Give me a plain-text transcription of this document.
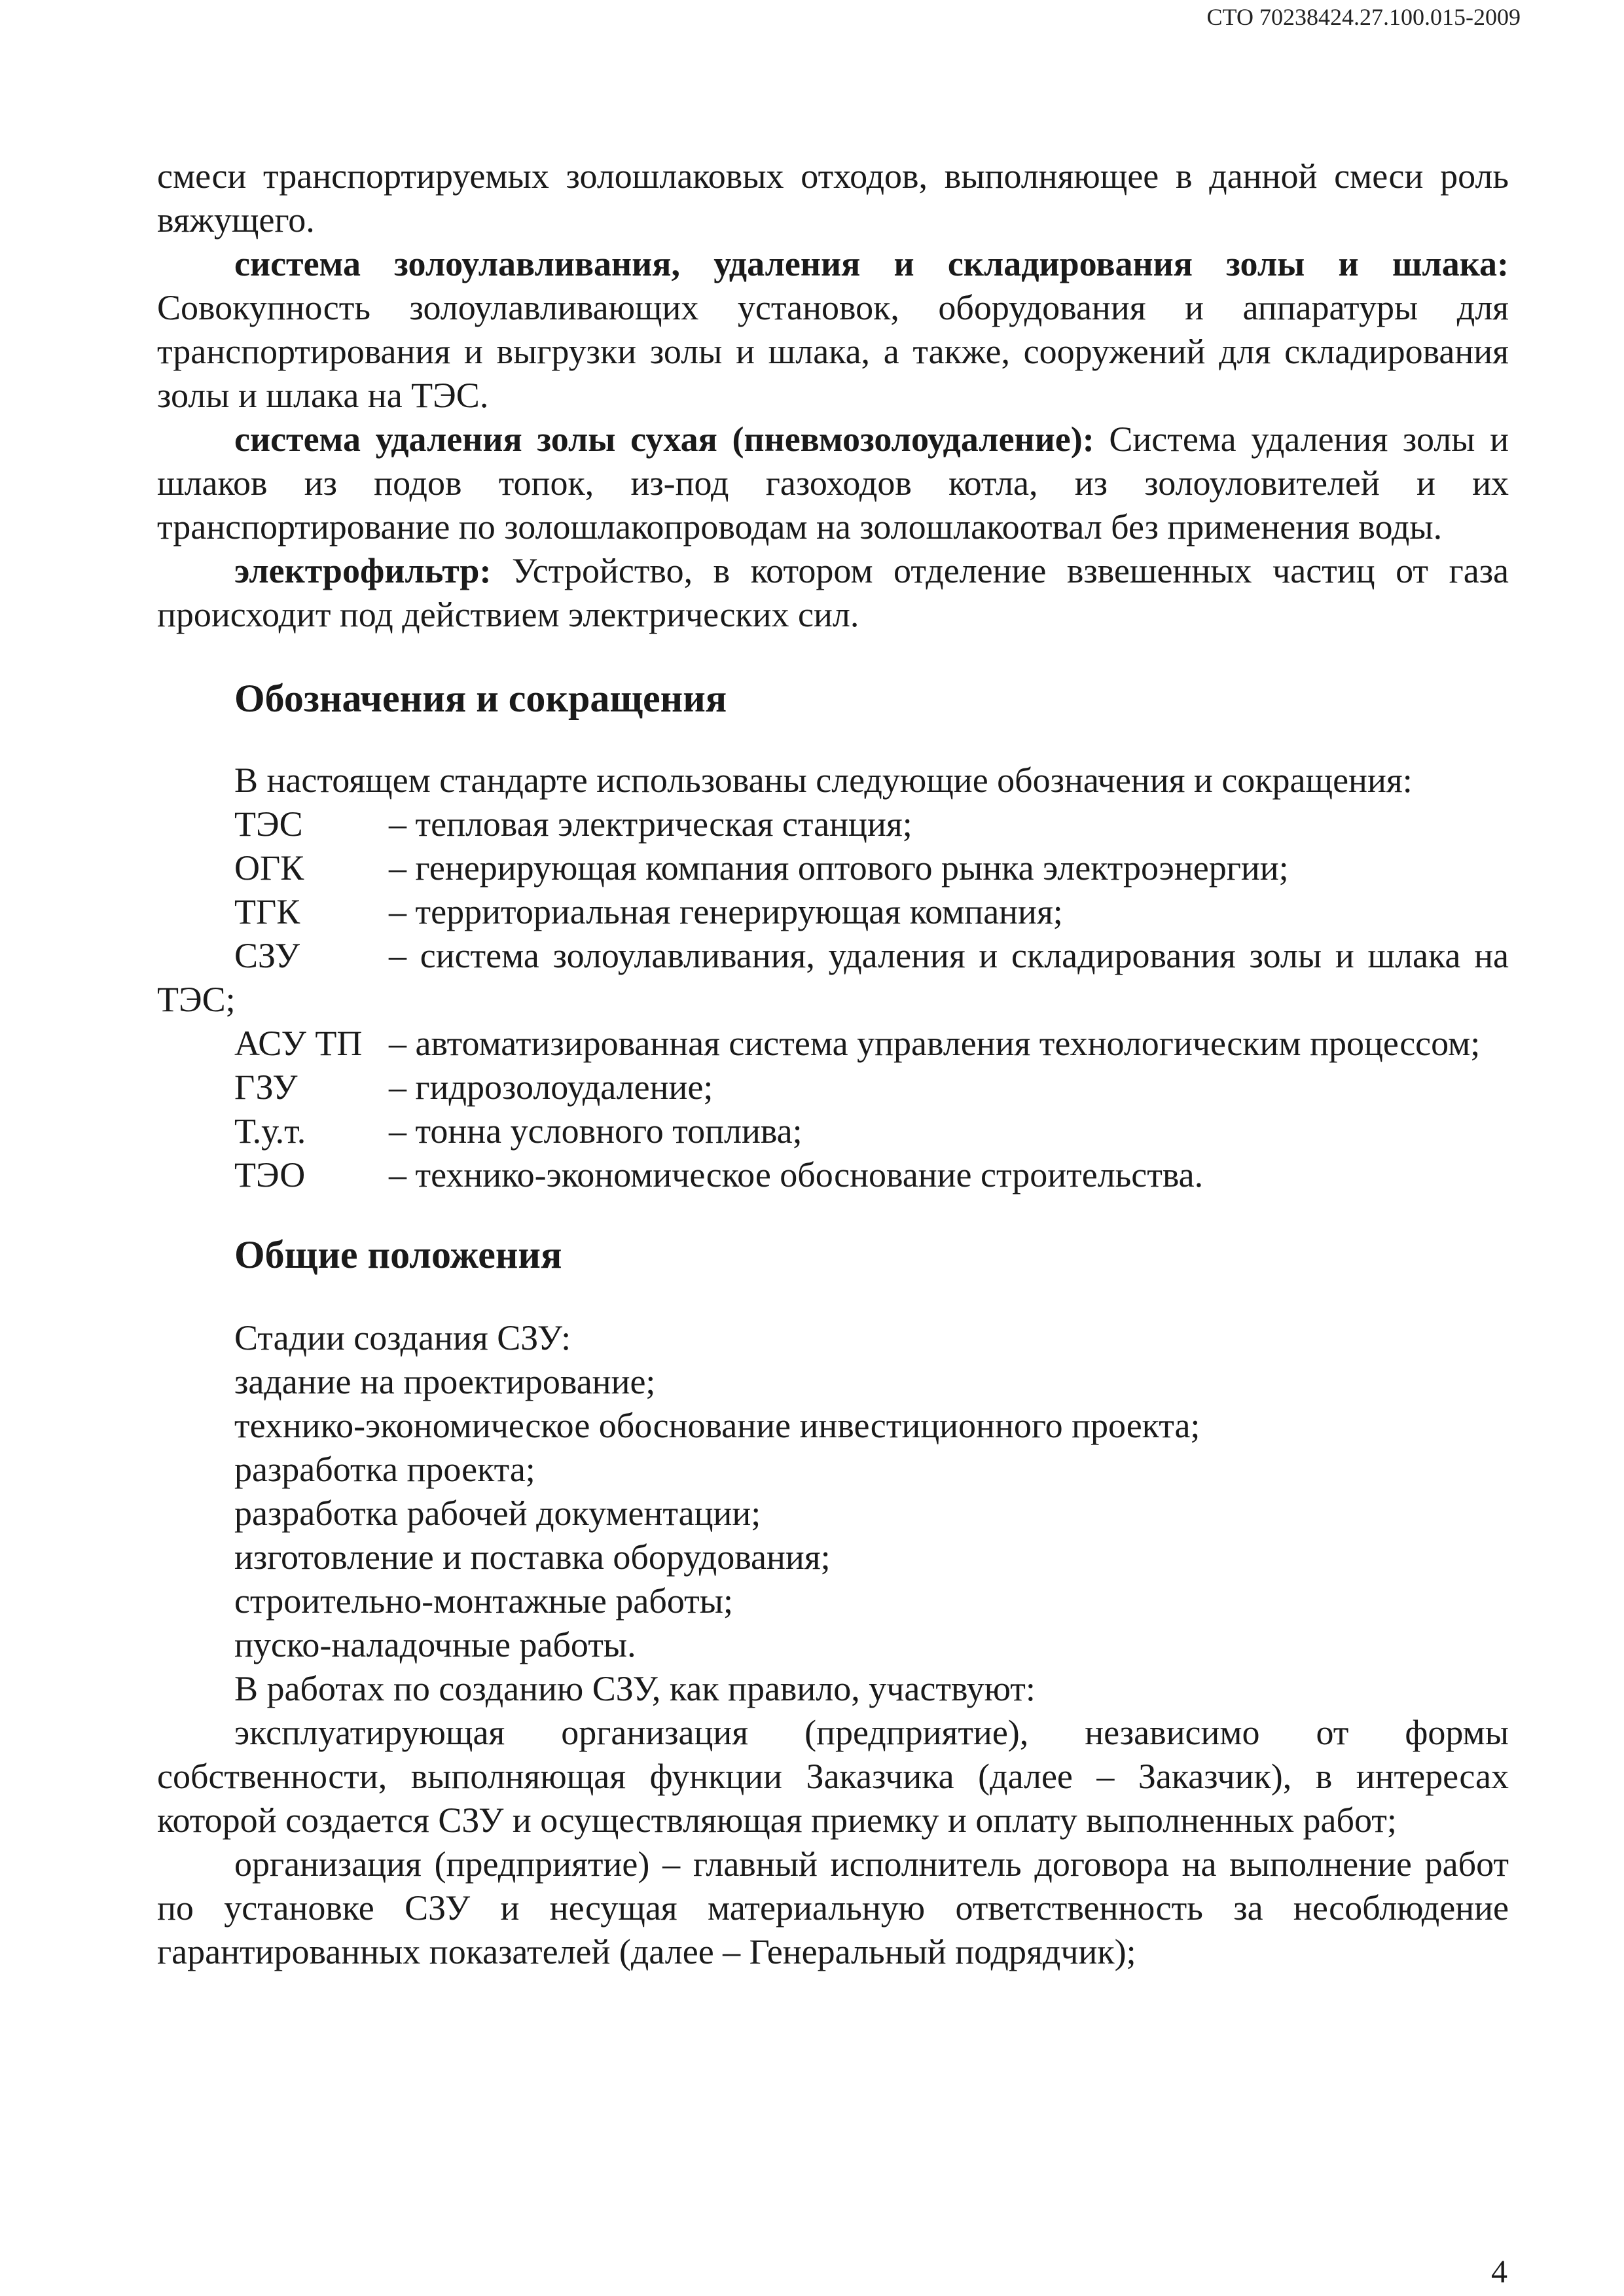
СТО 70238424.27.100.015-2009

смеси транспортируемых золошлаковых отходов, выполняющее в данной смеси роль вяжущего.

система золоулавливания, удаления и складирования золы и шлака: Совокупность золоулавливающих установок, оборудования и аппаратуры для транспортирования и выгрузки золы и шлака, а также, сооружений для складирования золы и шлака на ТЭС.

система удаления золы сухая (пневмозолоудаление): Система удаления золы и шлаков из подов топок, из-под газоходов котла, из золоуловителей и их транспортирование по золошлакопроводам на золошлакоотвал без применения воды.

электрофильтр: Устройство, в котором отделение взвешенных частиц от газа происходит под действием электрических сил.

Обозначения и сокращения

В настоящем стандарте использованы следующие обозначения и сокращения:

ТЭС	– тепловая электрическая станция;
ОГК	– генерирующая компания оптового рынка электроэнергии;
ТГК	– территориальная генерирующая компания;

СЗУ	– система золоулавливания, удаления и складирования золы и шлака на ТЭС;

АСУ ТП – автоматизированная система управления технологическим процессом;

ГЗУ	– гидрозолоудаление;
Т.у.т.	– тонна условного топлива;
ТЭО	– технико-экономическое обоснование строительства.
Общие положения

Стадии создания СЗУ:

задание на проектирование;

технико-экономическое обоснование инвестиционного проекта;

разработка проекта;

разработка рабочей документации;

изготовление и поставка оборудования;

строительно-монтажные работы;

пуско-наладочные работы.

В работах по созданию СЗУ, как правило, участвуют:

эксплуатирующая организация (предприятие), независимо от формы собственности, выполняющая функции Заказчика (далее – Заказчик), в интересах которой создается СЗУ и осуществляющая приемку и оплату выполненных работ;

организация (предприятие) – главный исполнитель договора на выполнение работ по установке СЗУ и несущая материальную ответственность за несоблюдение гарантированных показателей (далее – Генеральный подрядчик);

4
